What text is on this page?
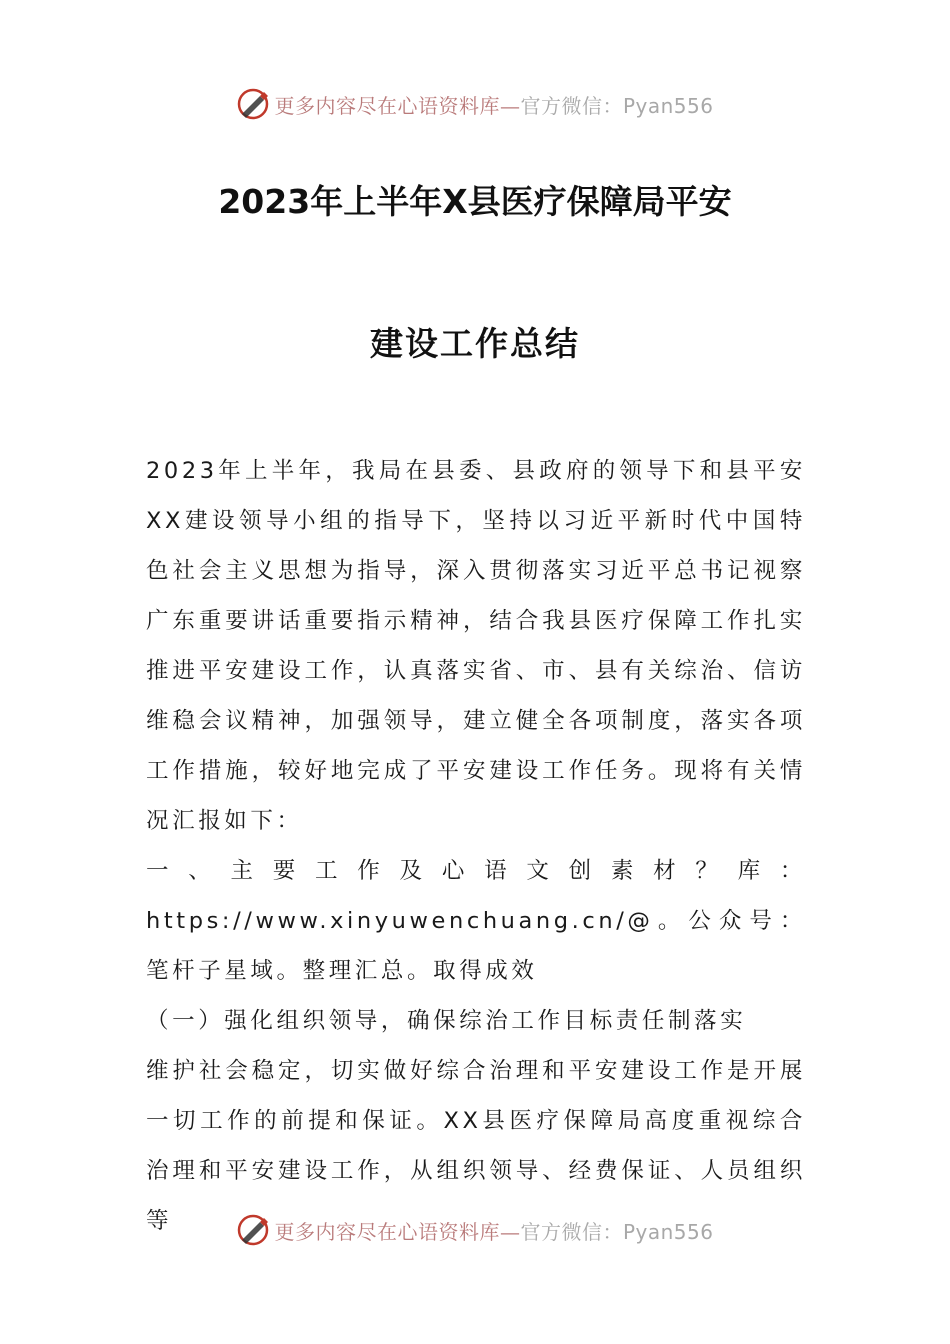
更多内容尽在心语资料库—官方微信：Pyan556
2023年上半年X县医疗保障局平安
建设工作总结

2023年上半年，我局在县委、县政府的领导下和县平安XX建设领导小组的指导下，坚持以习近平新时代中国特色社会主义思想为指导，深入贯彻落实习近平总书记视察广东重要讲话重要指示精神，结合我县医疗保障工作扎实推进平安建设工作，认真落实省、市、县有关综治、信访维稳会议精神，加强领导，建立健全各项制度，落实各项工作措施，较好地完成了平安建设工作任务。现将有关情况汇报如下：

一、主要工作及心语文创素材？库：https://www.xinyuwenchuang.cn/@。公众号：笔杆子星域。整理汇总。取得成效

（一）强化组织领导，确保综治工作目标责任制落实

维护社会稳定，切实做好综合治理和平安建设工作是开展一切工作的前提和保证。XX县医疗保障局高度重视综合治理和平安建设工作，从组织领导、经费保证、人员组织等	更多内容尽在心语资料库—官方微信：Pyan556
